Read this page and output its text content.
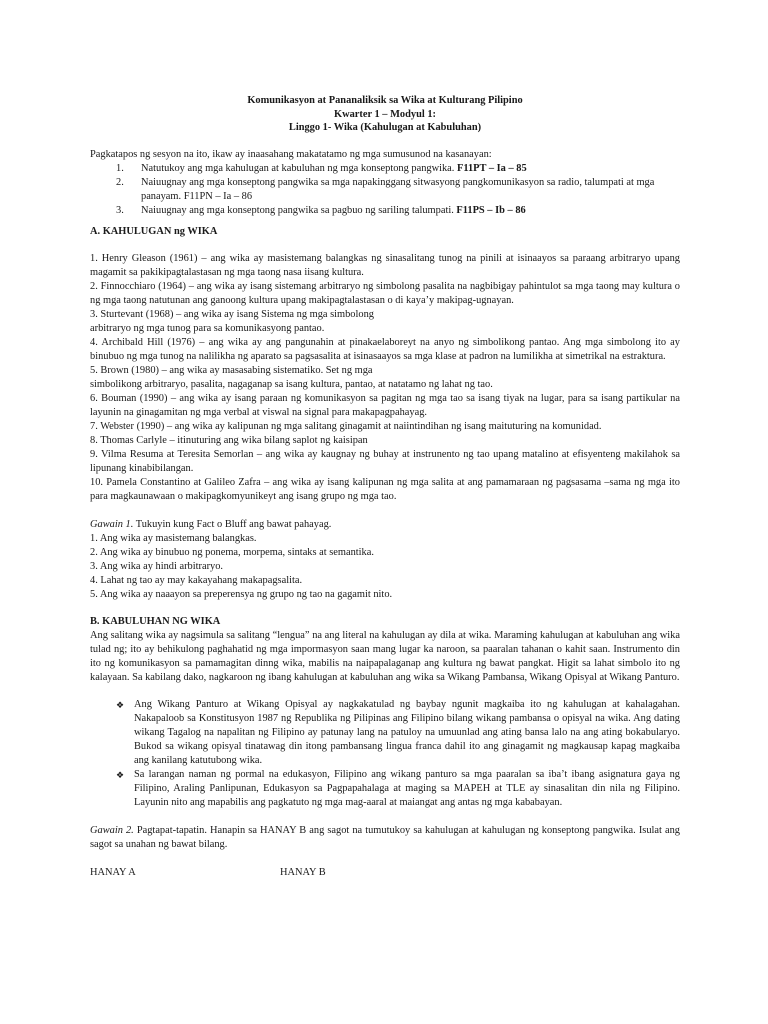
Komunikasyon at Pananaliksik sa Wika at Kulturang Pilipino
Kwarter 1 – Modyul 1:
Linggo 1- Wika (Kahulugan at Kabuluhan)

Pagkatapos ng sesyon na ito, ikaw ay inaasahang makatatamo ng mga sumusunod na kasanayan:

1. Natutukoy ang mga kahulugan at kabuluhan ng mga konseptong pangwika. F11PT – Ia – 85
2. Naiuugnay ang mga konseptong pangwika sa mga napakinggang sitwasyong pangkomunikasyon sa radio, talumpati at mga panayam. F11PN – Ia – 86
3. Naiuugnay ang mga konseptong pangwika sa pagbuo ng sariling talumpati. F11PS – Ib – 86
A. KAHULUGAN ng WIKA

1. Henry Gleason (1961) – ang wika ay masistemang balangkas ng sinasalitang tunog na pinili at isinaayos sa paraang arbitraryo upang magamit sa pakikipagtalastasan ng mga taong nasa iisang kultura.

2. Finnocchiaro (1964) – ang wika ay isang sistemang arbitraryo ng simbolong pasalita na nagbibigay pahintulot sa mga taong may kultura o ng mga taong natutunan ang ganoong kultura upang makipagtalastasan o di kaya’y makipag-ugnayan.

3. Sturtevant (1968) – ang wika ay isang Sistema ng mga simbolong

arbitraryo ng mga tunog para sa komunikasyong pantao.

4. Archibald Hill (1976) – ang wika ay ang pangunahin at pinakaelaboreyt na anyo ng simbolikong pantao. Ang mga simbolong ito ay binubuo ng mga tunog na nalilikha ng aparato sa pagsasalita at isinasaayos sa mga klase at padron na lumilikha at simetrikal na estraktura.

5. Brown (1980) – ang wika ay masasabing sistematiko. Set ng mga

simbolikong arbitraryo, pasalita, nagaganap sa isang kultura, pantao, at natatamo ng lahat ng tao.

6. Bouman (1990) – ang wika ay isang paraan ng komunikasyon sa pagitan ng mga tao sa isang tiyak na lugar, para sa isang partikular na layunin na ginagamitan ng mga verbal at viswal na signal para makapagpahayag.

7. Webster (1990) – ang wika ay kalipunan ng mga salitang ginagamit at naiintindihan ng isang maituturing na komunidad.

8. Thomas Carlyle – itinuturing ang wika bilang saplot ng kaisipan

9. Vilma Resuma at Teresita Semorlan – ang wika ay kaugnay ng buhay at instrunento ng tao upang matalino at efisyenteng makilahok sa lipunang kinabibilangan.

10. Pamela Constantino at Galileo Zafra – ang wika ay isang kalipunan ng mga salita at ang pamamaraan ng pagsasama –sama ng mga ito para magkaunawaan o makipagkomyunikeyt ang isang grupo ng mga tao.

Gawain 1. Tukuyin kung Fact o Bluff ang bawat pahayag.

1. Ang wika ay masistemang balangkas.

2. Ang wika ay binubuo ng ponema, morpema, sintaks at semantika.

3. Ang wika ay hindi arbitraryo.

4. Lahat ng tao ay may kakayahang makapagsalita.

5. Ang wika ay naaayon sa preperensya ng grupo ng tao na gagamit nito.

B. KABULUHAN NG WIKA

Ang salitang wika ay nagsimula sa salitang “lengua” na ang literal na kahulugan ay dila at wika. Maraming kahulugan at kabuluhan ang wika tulad ng; ito ay behikulong paghahatid ng mga impormasyon saan mang lugar ka naroon, sa paaralan tahanan o kahit saan. Instrumento din ito ng komunikasyon sa pamamagitan dinng wika, mabilis na naipapalaganap ang kultura ng bawat pangkat. Higit sa lahat simbolo ito ng kalayaan. Sa kabilang dako, nagkaroon ng ibang kahulugan at kabuluhan ang wika sa Wikang Pambansa, Wikang Opisyal at Wikang Panturo.

❖ Ang Wikang Panturo at Wikang Opisyal ay nagkakatulad ng baybay ngunit magkaiba ito ng kahulugan at kahalagahan. Nakapaloob sa Konstitusyon 1987 ng Republika ng Pilipinas ang Filipino bilang wikang pambansa o opisyal na wika. Ang dating wikang Tagalog na napalitan ng Filipino ay patunay lang na patuloy na umuunlad ang ating bansa lalo na ang ating bokabularyo. Bukod sa wikang opisyal tinatawag din itong pambansang lingua franca dahil ito ang ginagamit ng magkausap kapag magkaiba ang kanilang katutubong wika.
❖ Sa larangan naman ng pormal na edukasyon, Filipino ang wikang panturo sa mga paaralan sa iba’t ibang asignatura gaya ng Filipino, Araling Panlipunan, Edukasyon sa Pagpapahalaga at maging sa MAPEH at TLE ay sinasalitan din nila ng Filipino. Layunin nito ang mapabilis ang pagkatuto ng mga mag-aaral at maiangat ang antas ng mga kababayan.

Gawain 2. Pagtapat-tapatin. Hanapin sa HANAY B ang sagot na tumutukoy sa kahulugan at kahulugan ng konseptong pangwika. Isulat ang sagot sa unahan ng bawat bilang.

HANAY A	HANAY B
